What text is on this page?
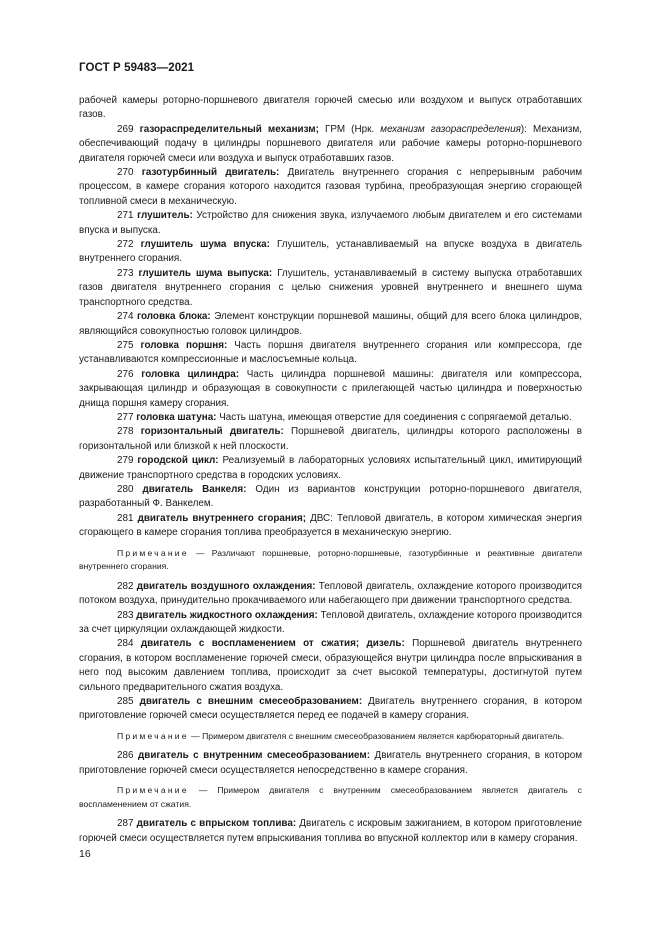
ГОСТ Р 59483—2021

рабочей камеры роторно-поршневого двигателя горючей смесью или воздухом и выпуск отработавших газов.

269 газораспределительный механизм; ГРМ (Нрк. механизм газораспределения): Механизм, обеспечивающий подачу в цилиндры поршневого двигателя или рабочие камеры роторно-поршневого двигателя горючей смеси или воздуха и выпуск отработавших газов.

270 газотурбинный двигатель: Двигатель внутреннего сгорания с непрерывным рабочим процессом, в камере сгорания которого находится газовая турбина, преобразующая энергию сгорающей топливной смеси в механическую.

271 глушитель: Устройство для снижения звука, излучаемого любым двигателем и его системами впуска и выпуска.

272 глушитель шума впуска: Глушитель, устанавливаемый на впуске воздуха в двигатель внутреннего сгорания.

273 глушитель шума выпуска: Глушитель, устанавливаемый в систему выпуска отработавших газов двигателя внутреннего сгорания с целью снижения уровней внутреннего и внешнего шума транспортного средства.

274 головка блока: Элемент конструкции поршневой машины, общий для всего блока цилиндров, являющийся совокупностью головок цилиндров.

275 головка поршня: Часть поршня двигателя внутреннего сгорания или компрессора, где устанавливаются компрессионные и маслосъемные кольца.

276 головка цилиндра: Часть цилиндра поршневой машины: двигателя или компрессора, закрывающая цилиндр и образующая в совокупности с прилегающей частью цилиндра и поверхностью днища поршня камеру сгорания.

277 головка шатуна: Часть шатуна, имеющая отверстие для соединения с сопрягаемой деталью.

278 горизонтальный двигатель: Поршневой двигатель, цилиндры которого расположены в горизонтальной или близкой к ней плоскости.

279 городской цикл: Реализуемый в лабораторных условиях испытательный цикл, имитирующий движение транспортного средства в городских условиях.

280 двигатель Ванкеля: Один из вариантов конструкции роторно-поршневого двигателя, разработанный Ф. Ванкелем.

281 двигатель внутреннего сгорания; ДВС: Тепловой двигатель, в котором химическая энергия сгорающего в камере сгорания топлива преобразуется в механическую энергию.

Примечание — Различают поршневые, роторно-поршневые, газотурбинные и реактивные двигатели внутреннего сгорания.

282 двигатель воздушного охлаждения: Тепловой двигатель, охлаждение которого производится потоком воздуха, принудительно прокачиваемого или набегающего при движении транспортного средства.

283 двигатель жидкостного охлаждения: Тепловой двигатель, охлаждение которого производится за счет циркуляции охлаждающей жидкости.

284 двигатель с воспламенением от сжатия; дизель: Поршневой двигатель внутреннего сгорания, в котором воспламенение горючей смеси, образующейся внутри цилиндра после впрыскивания в него под высоким давлением топлива, происходит за счет высокой температуры, достигнутой путем сильного предварительного сжатия воздуха.

285 двигатель с внешним смесеобразованием: Двигатель внутреннего сгорания, в котором приготовление горючей смеси осуществляется перед ее подачей в камеру сгорания.

Примечание — Примером двигателя с внешним смесеобразованием является карбюраторный двигатель.

286 двигатель с внутренним смесеобразованием: Двигатель внутреннего сгорания, в котором приготовление горючей смеси осуществляется непосредственно в камере сгорания.

Примечание — Примером двигателя с внутренним смесеобразованием является двигатель с воспламенением от сжатия.

287 двигатель с впрыском топлива: Двигатель с искровым зажиганием, в котором приготовление горючей смеси осуществляется путем впрыскивания топлива во впускной коллектор или в камеру сгорания.

16
